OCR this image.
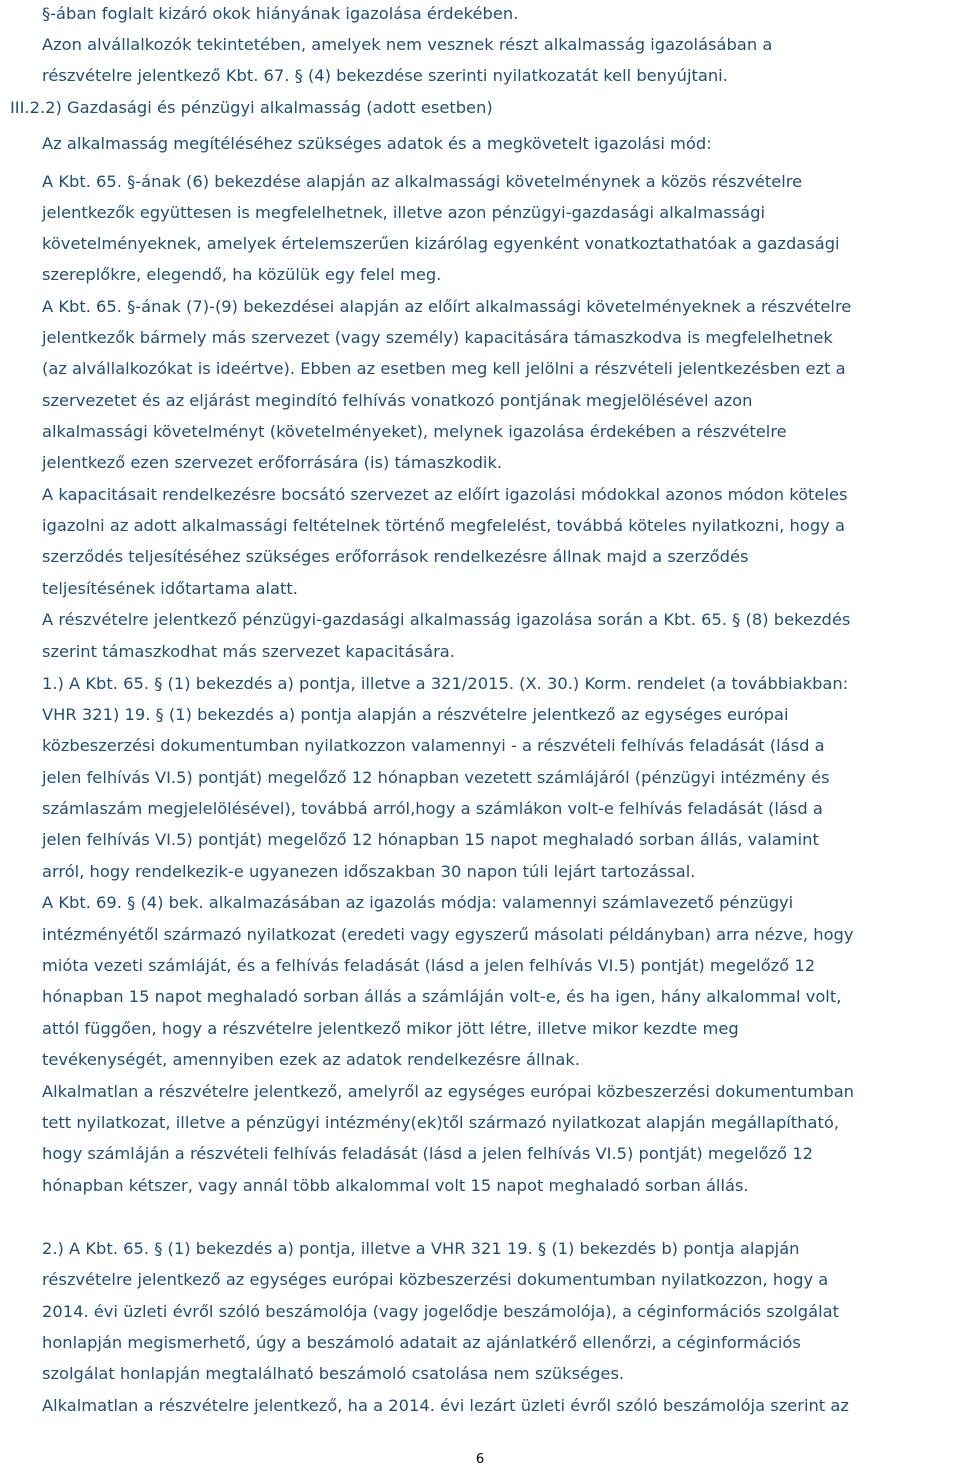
§-ában foglalt kizáró okok hiányának igazolása érdekében.
Azon alvállalkozók tekintetében, amelyek nem vesznek részt alkalmasság igazolásában a
részvételre jelentkező Kbt. 67. § (4) bekezdése szerinti nyilatkozatát kell benyújtani.
III.2.2) Gazdasági és pénzügyi alkalmasság (adott esetben)
Az alkalmasság megítéléséhez szükséges adatok és a megkövetelt igazolási mód:
A Kbt. 65. §-ának (6) bekezdése alapján az alkalmassági követelménynek a közös részvételre
jelentkezők együttesen is megfelelhetnek, illetve azon pénzügyi-gazdasági alkalmassági
követelményeknek, amelyek értelemszerűen kizárólag egyenként vonatkoztathatóak a gazdasági
szereplőkre, elegendő, ha közülük egy felel meg.
A Kbt. 65. §-ának (7)-(9) bekezdései alapján az előírt alkalmassági követelményeknek a részvételre
jelentkezők bármely más szervezet (vagy személy) kapacitására támaszkodva is megfelelhetnek
(az alvállalkozókat is ideértve). Ebben az esetben meg kell jelölni a részvételi jelentkezésben ezt a
szervezetet és az eljárást megindító felhívás vonatkozó pontjának megjelölésével azon
alkalmassági követelményt (követelményeket), melynek igazolása érdekében a részvételre
jelentkező ezen szervezet erőforrására (is) támaszkodik.
A kapacitásait rendelkezésre bocsátó szervezet az előírt igazolási módokkal azonos módon köteles
igazolni az adott alkalmassági feltételnek történő megfelelést, továbbá köteles nyilatkozni, hogy a
szerződés teljesítéséhez szükséges erőforrások rendelkezésre állnak majd a szerződés
teljesítésének időtartama alatt.
A részvételre jelentkező pénzügyi-gazdasági alkalmasság igazolása során a Kbt. 65. § (8) bekezdés
szerint támaszkodhat más szervezet kapacitására.
1.) A Kbt. 65. § (1) bekezdés a) pontja, illetve a 321/2015. (X. 30.) Korm. rendelet (a továbbiakban:
VHR 321) 19. § (1) bekezdés a) pontja alapján a részvételre jelentkező az egységes európai
közbeszerzési dokumentumban nyilatkozzon valamennyi - a részvételi felhívás feladását (lásd a
jelen felhívás VI.5) pontját) megelőző 12 hónapban vezetett számlájáról (pénzügyi intézmény és
számlaszám megjelelölésével), továbbá arról,hogy a számlákon volt-e felhívás feladását (lásd a
jelen felhívás VI.5) pontját) megelőző 12 hónapban 15 napot meghaladó sorban állás, valamint
arról, hogy rendelkezik-e ugyanezen időszakban 30 napon túli lejárt tartozással.
A Kbt. 69. § (4) bek. alkalmazásában az igazolás módja: valamennyi számlavezető pénzügyi
intézményétől származó nyilatkozat (eredeti vagy egyszerű másolati példányban) arra nézve, hogy
mióta vezeti számláját, és a felhívás feladását (lásd a jelen felhívás VI.5) pontját) megelőző 12
hónapban 15 napot meghaladó sorban állás a számláján volt-e, és ha igen, hány alkalommal volt,
attól függően, hogy a részvételre jelentkező mikor jött létre, illetve mikor kezdte meg
tevékenységét, amennyiben ezek az adatok rendelkezésre állnak.
Alkalmatlan a részvételre jelentkező, amelyről az egységes európai közbeszerzési dokumentumban
tett nyilatkozat, illetve a pénzügyi intézmény(ek)től származó nyilatkozat alapján megállapítható,
hogy számláján a részvételi felhívás feladását (lásd a jelen felhívás VI.5) pontját) megelőző 12
hónapban kétszer, vagy annál több alkalommal volt 15 napot meghaladó sorban állás.
2.) A Kbt. 65. § (1) bekezdés a) pontja, illetve a VHR 321 19. § (1) bekezdés b) pontja alapján
részvételre jelentkező az egységes európai közbeszerzési dokumentumban nyilatkozzon, hogy a
2014. évi üzleti évről szóló beszámolója (vagy jogelődje beszámolója), a céginformációs szolgálat
honlapján megismerhető, úgy a beszámoló adatait az ajánlatkérő ellenőrzi, a céginformációs
szolgálat honlapján megtalálható beszámoló csatolása nem szükséges.
Alkalmatlan a részvételre jelentkező, ha a 2014. évi lezárt üzleti évről szóló beszámolója szerint az
6
